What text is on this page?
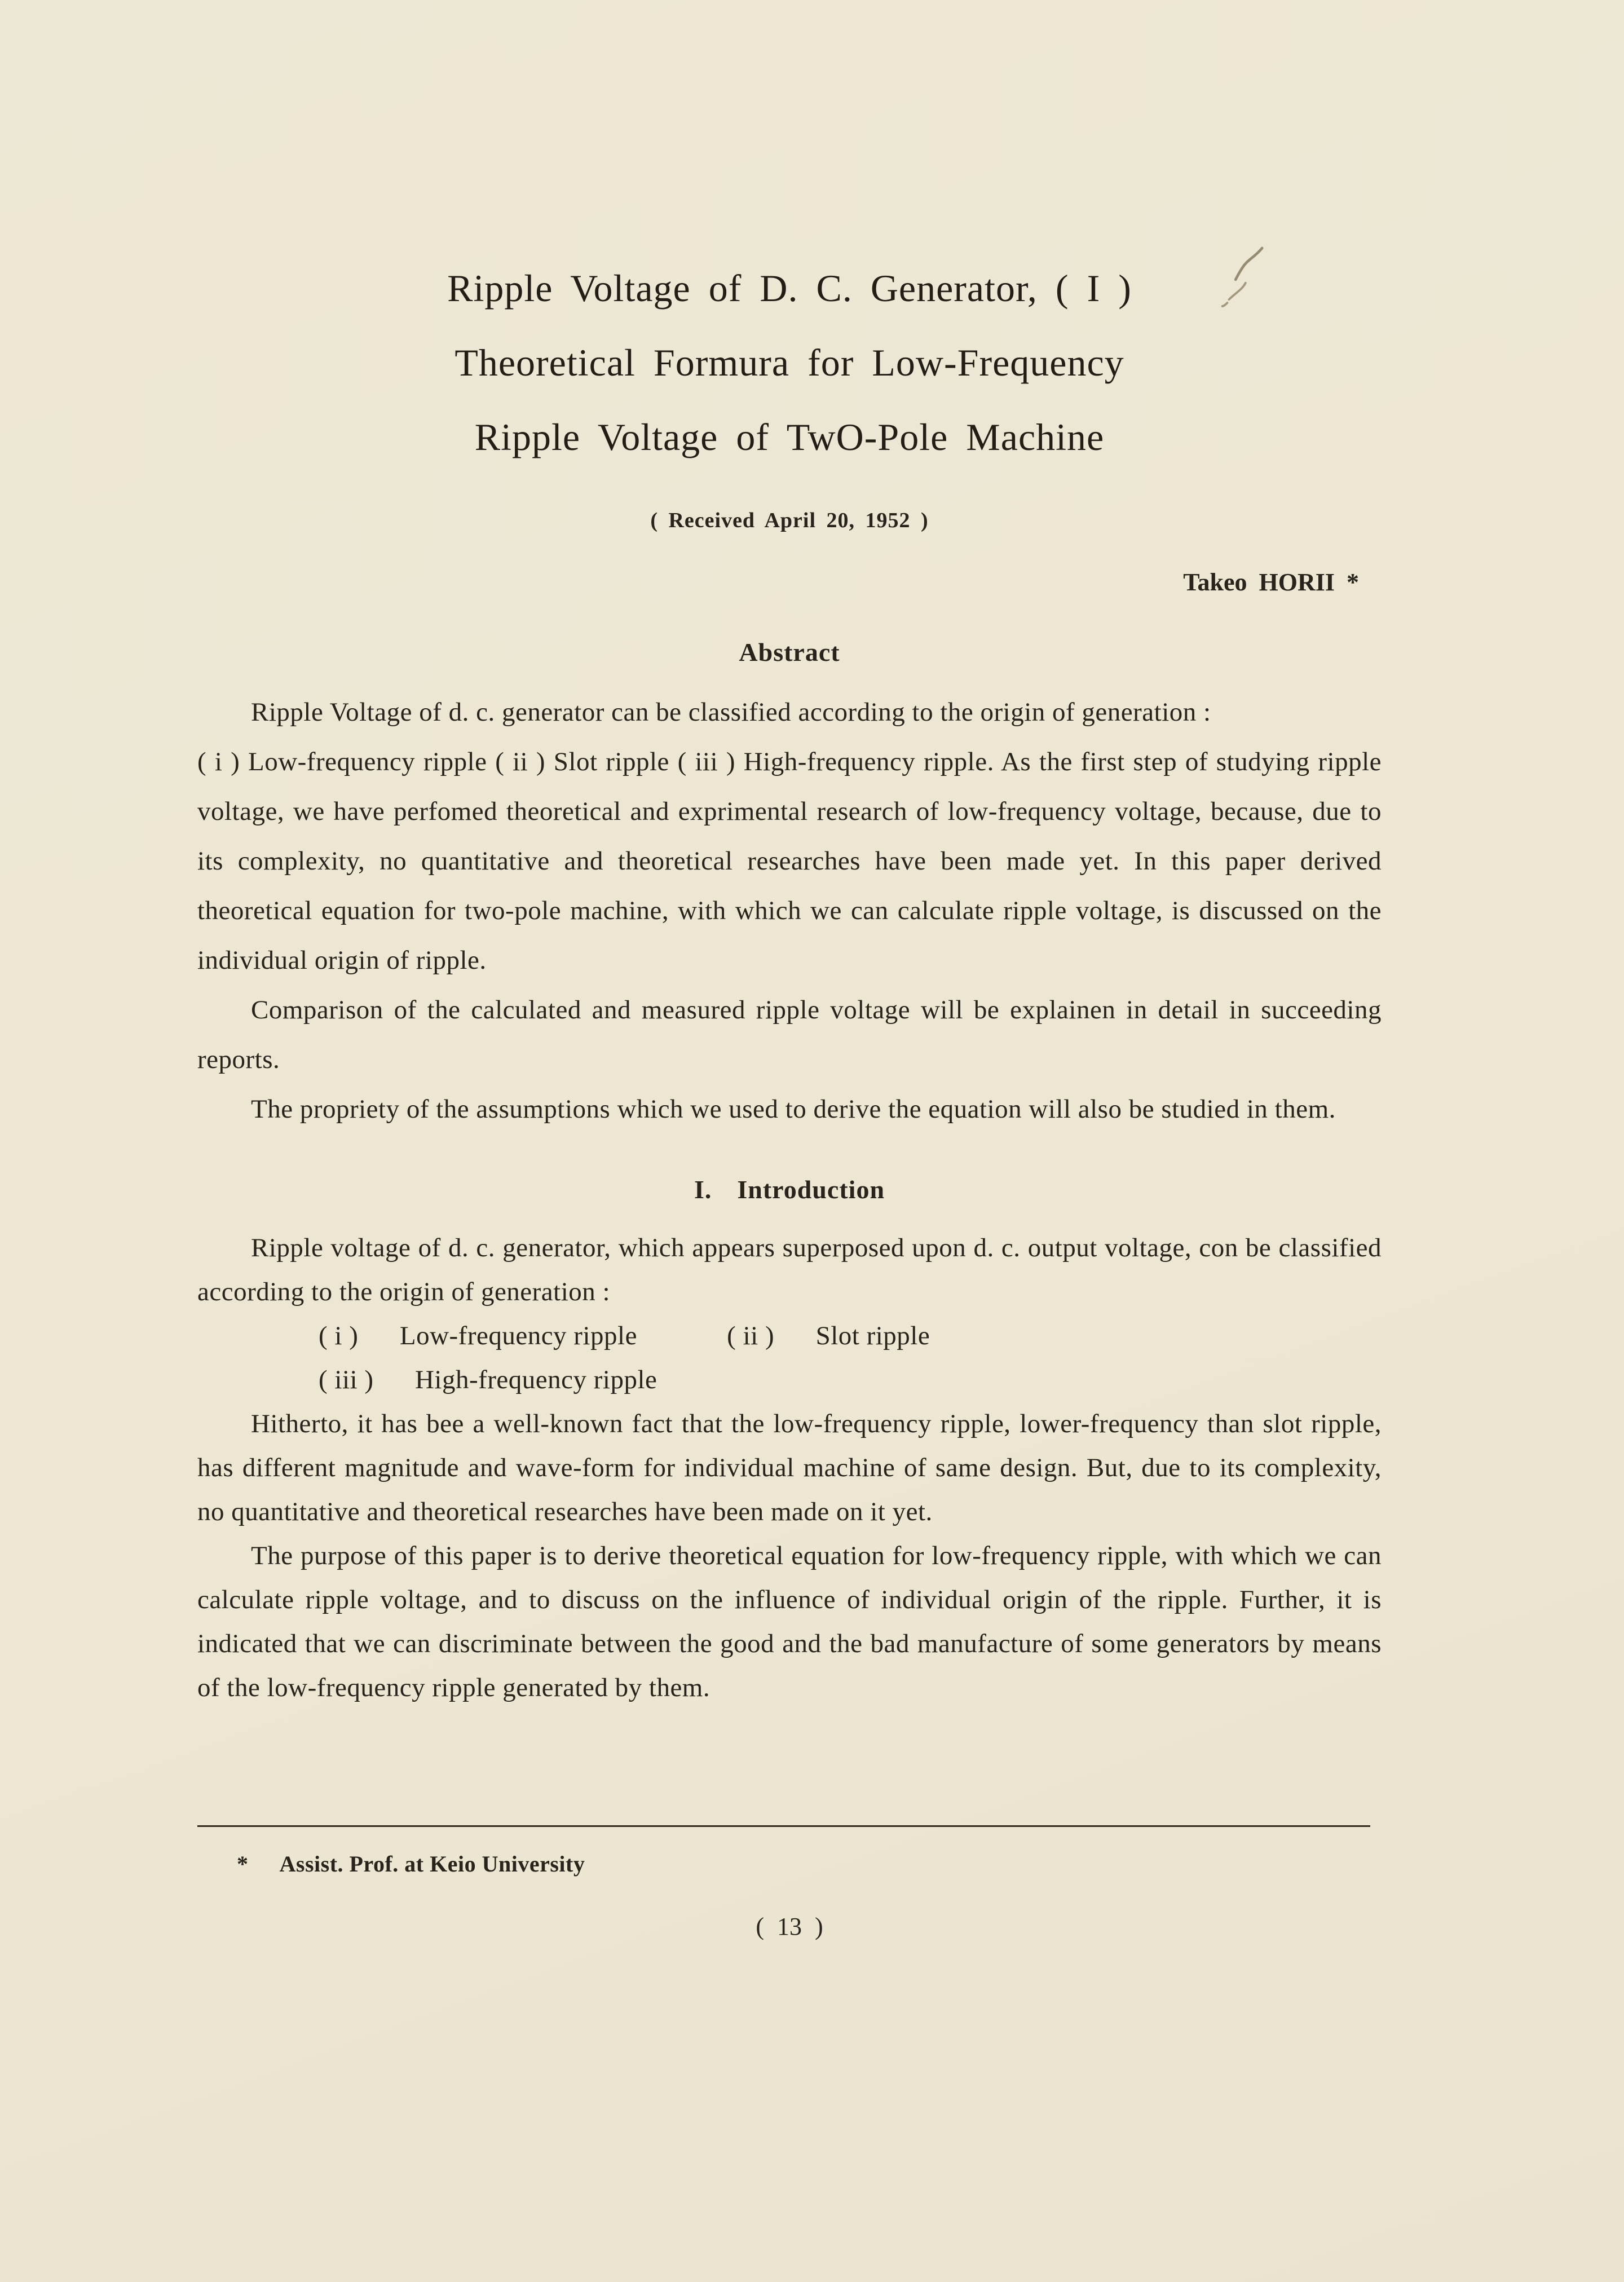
Ripple Voltage of D. C. Generator, ( I )
Theoretical Formura for Low-Frequency
Ripple Voltage of TwO-Pole Machine
( Received April 20, 1952 )
Takeo HORII *
Abstract

Ripple Voltage of d. c. generator can be classified according to the origin of generation :

( i ) Low-frequency ripple ( ii ) Slot ripple ( iii ) High-frequency ripple. As the first step of studying ripple voltage, we have perfomed theoretical and exprimental research of low-frequency voltage, because, due to its complexity, no quantitative and theoretical researches have been made yet. In this paper derived theoretical equation for two-pole machine, with which we can calculate ripple voltage, is discussed on the individual origin of ripple.

Comparison of the calculated and measured ripple voltage will be explainen in detail in succeeding reports.

The propriety of the assumptions which we used to derive the equation will also be studied in them.

I. Introduction

Ripple voltage of d. c. generator, which appears superposed upon d. c. output voltage, con be classified according to the origin of generation :

( i )      Low-frequency ripple             ( ii )      Slot ripple

( iii )      High-frequency ripple

Hitherto, it has bee a well-known fact that the low-frequency ripple, lower-frequency than slot ripple, has different magnitude and wave-form for individual machine of same design. But, due to its complexity, no quantitative and theoretical researches have been made on it yet.

The purpose of this paper is to derive theoretical equation for low-frequency ripple, with which we can calculate ripple voltage, and to discuss on the influence of individual origin of the ripple. Further, it is indicated that we can discriminate between the good and the bad manufacture of some generators by means of the low-frequency ripple generated by them.

* Assist. Prof. at Keio University
( 13 )
